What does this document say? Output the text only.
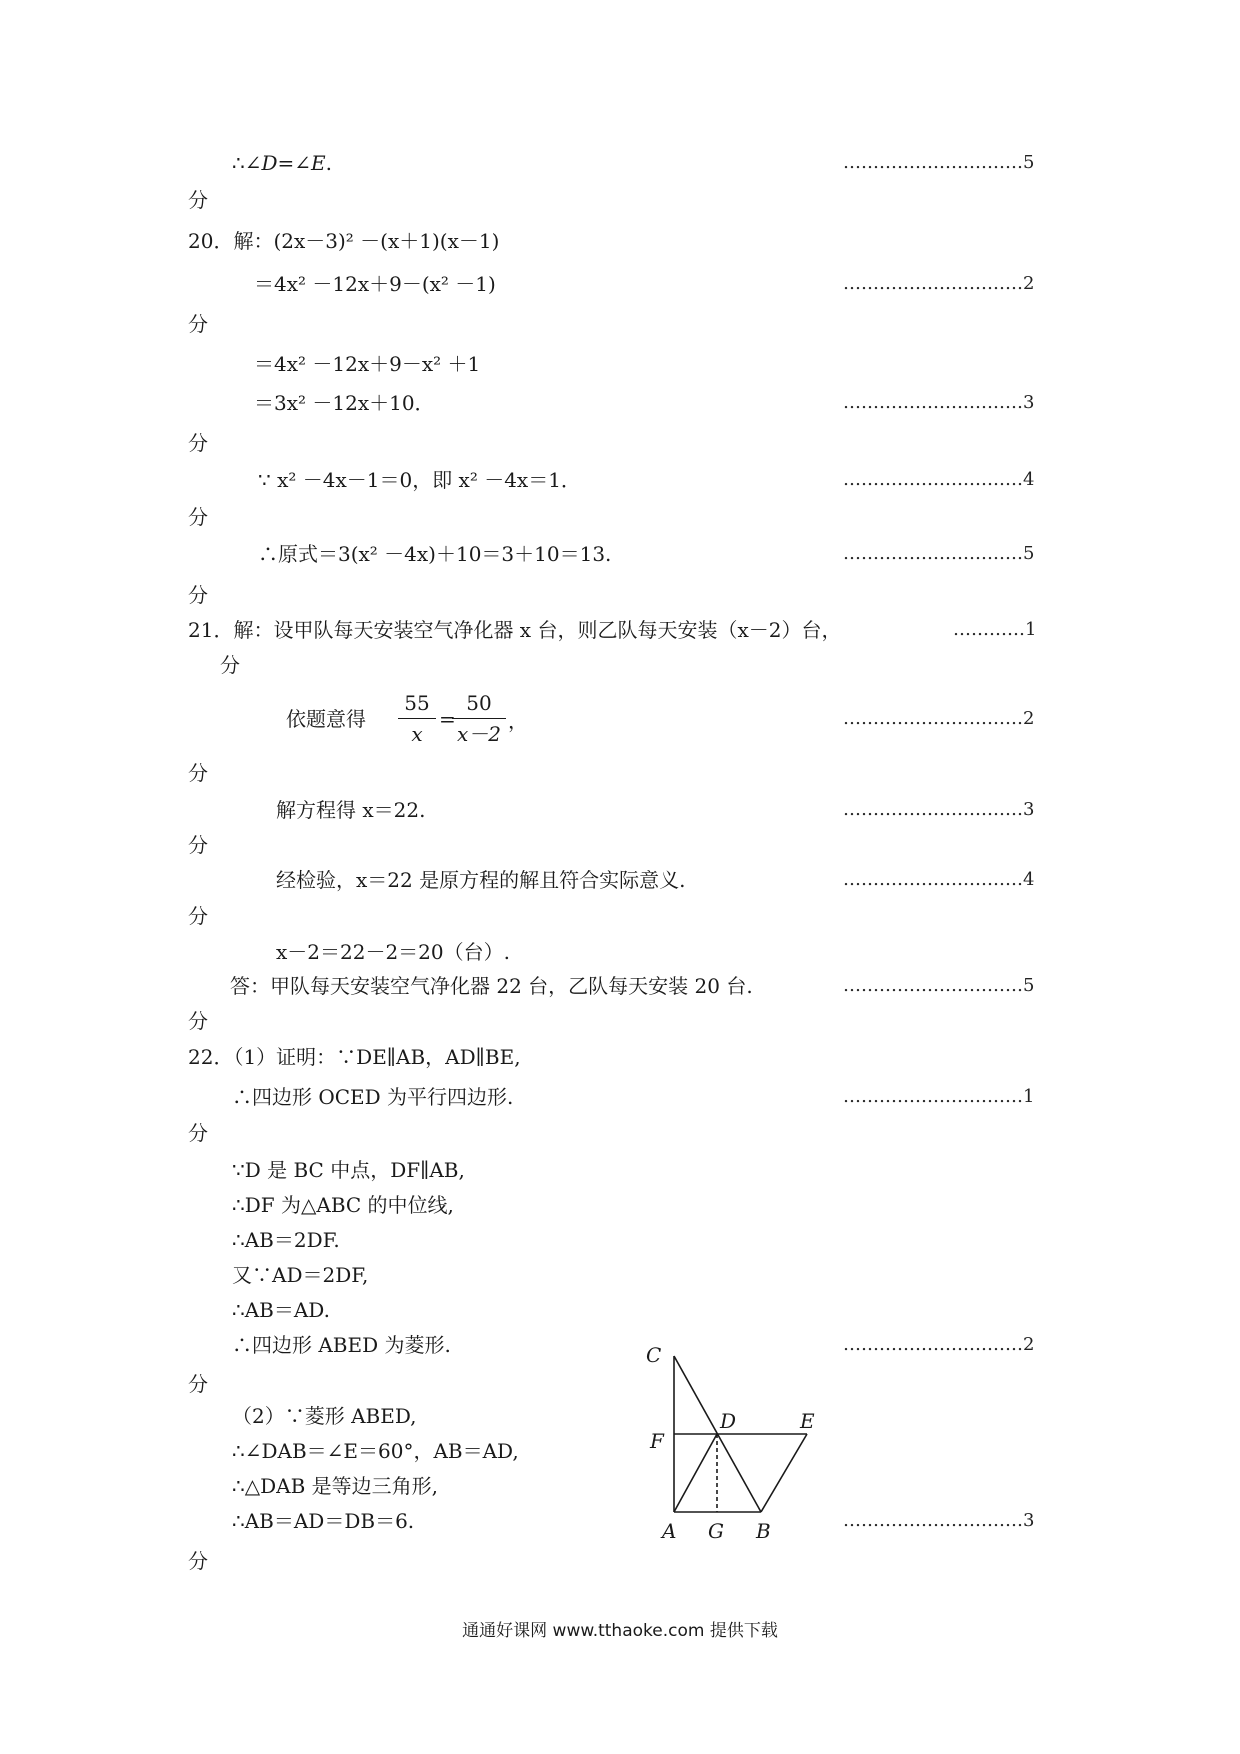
∴∠D=∠E.	…………………………5
分
20．解：(2x－3)² －(x＋1)(x－1)
＝4x² －12x＋9－(x² －1)	…………………………2
分
＝4x² －12x＋9－x² ＋1
＝3x² －12x＋10．	…………………………3
分
∵ x² －4x－1＝0，即 x² －4x＝1．	…………………………4
分
∴原式＝3(x² －4x)＋10＝3＋10＝13.	…………………………5
分
21．解：设甲队每天安装空气净化器 x 台，则乙队每天安装（x－2）台，	…………1
分
依题意得 $\frac{55}{x}$ =
$\frac{50}{x-2}$ ，	…………………………2
分
解方程得 x＝22.	…………………………3
分
经检验，x＝22 是原方程的解且符合实际意义.	…………………………4
分
x－2＝22－2＝20（台）.
答：甲队每天安装空气净化器 22 台，乙队每天安装 20 台.	…………………………5
分
22．（1）证明：∵DE∥AB，AD∥BE,
∴四边形 OCED 为平行四边形.	…………………………1
分
∵D 是 BC 中点，DF∥AB,
∴DF 为△ABC 的中位线,
∴AB＝2DF.
又∵AD＝2DF,
∴AB＝AD.
∴四边形 ABED 为菱形.	…………………………2
分
（2）∵菱形 ABED,
∴∠DAB＝∠E＝60°，AB＝AD,
∴△DAB 是等边三角形,
∴AB＝AD＝DB＝6.	…………………………3
分
C
D	E
F
A G B
通通好课网 www.tthaoke.com 提供下载
